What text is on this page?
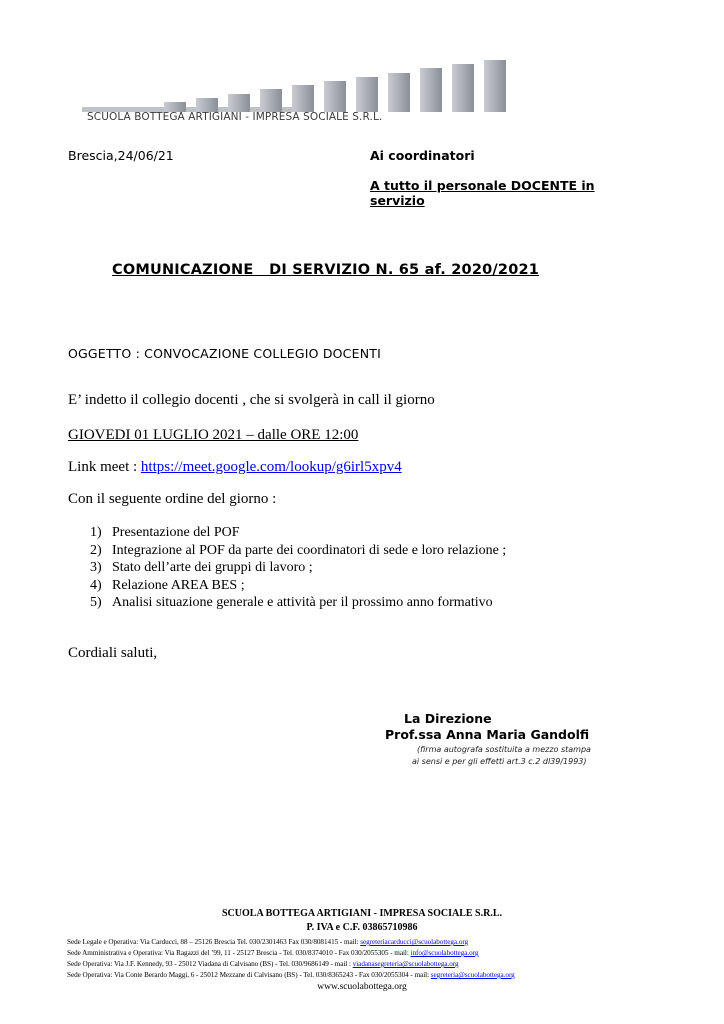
SCUOLA BOTTEGA ARTIGIANI - IMPRESA SOCIALE S.R.L.
Brescia,24/06/21	Ai coordinatori
A tutto il personale DOCENTE in servizio
COMUNICAZIONE   DI SERVIZIO N. 65 af. 2020/2021
OGGETTO : CONVOCAZIONE COLLEGIO DOCENTI
E’ indetto il collegio docenti , che si svolgerà in call il giorno
GIOVEDI 01 LUGLIO 2021 – dalle ORE 12:00
Link meet : https://meet.google.com/lookup/g6irl5xpv4
Con il seguente ordine del giorno :
1) Presentazione del POF
2) Integrazione al POF da parte dei coordinatori di sede e loro relazione ;
3) Stato dell’arte dei gruppi di lavoro ;
4) Relazione AREA BES ;
5) Analisi situazione generale e attività per il prossimo anno formativo
Cordiali saluti,
La Direzione
Prof.ssa Anna Maria Gandolfi
(firma autografa sostituita a mezzo stampa
ai sensi e per gli effetti art.3 c.2 dl39/1993)
SCUOLA BOTTEGA ARTIGIANI - IMPRESA SOCIALE S.R.L.
P. IVA e C.F. 03865710986
Sede Legale e Operativa: Via Carducci, 88 – 25126 Brescia Tel. 030/2301463 Fax 030/8081415 - mail: segreteriacarducci@scuolabottega.org
Sede Amministrativa e Operativa: Via Ragazzi del ’99, 11 - 25127 Brescia - Tel. 030/8374010 - Fax 030/2055305 - mail: info@scuolabottega.org
Sede Operativa: Via J.F. Kennedy, 93 - 25012 Viadana di Calvisano (BS) - Tel. 030/9686149 - mail : viadanasegreteria@scuolabottega.org
Sede Operativa: Via Conte Berardo Maggi, 6 - 25012 Mezzane di Calvisano (BS) - Tel. 030/8365243 - Fax 030/2055304 - mail: segreteria@scuolabottega.org
www.scuolabottega.org
